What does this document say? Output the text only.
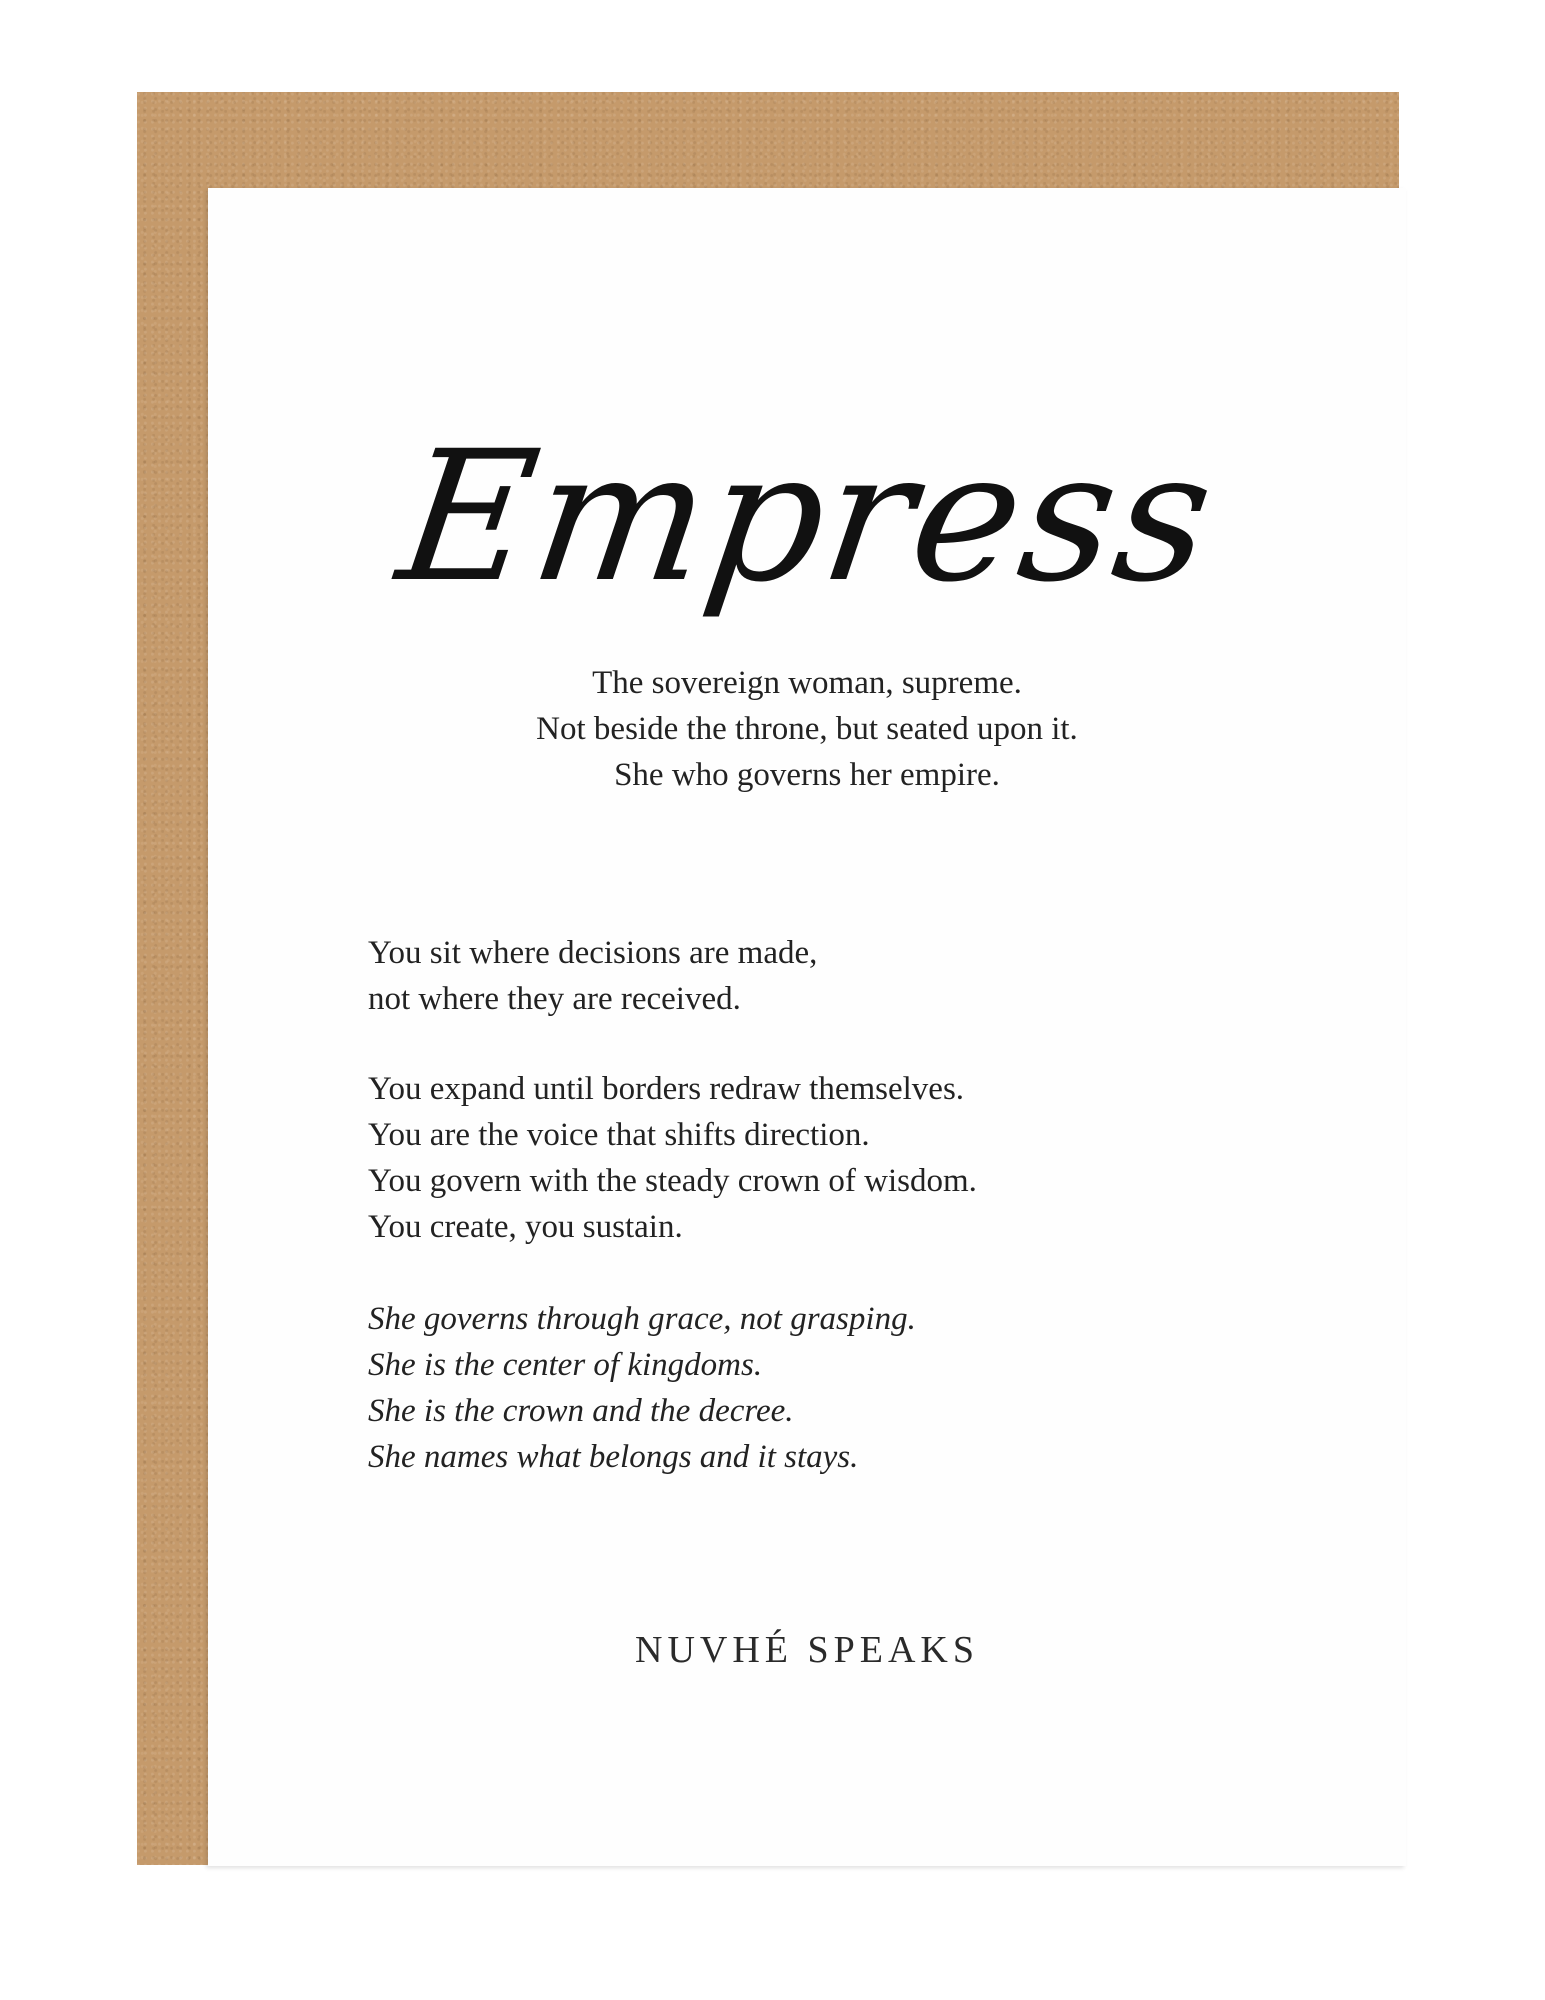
Empress
The sovereign woman, supreme.
Not beside the throne, but seated upon it.
She who governs her empire.
You sit where decisions are made,
not where they are received.
You expand until borders redraw themselves.
You are the voice that shifts direction.
You govern with the steady crown of wisdom.
You create, you sustain.
She governs through grace, not grasping.
She is the center of kingdoms.
She is the crown and the decree.
She names what belongs and it stays.
NUVHÉ SPEAKS
